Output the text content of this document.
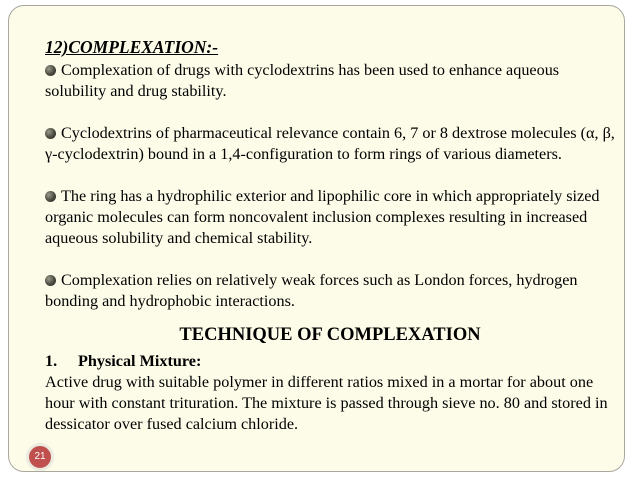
12)COMPLEXATION:-
Complexation of drugs with cyclodextrins has been used to enhance aqueous solubility and drug stability.
Cyclodextrins of pharmaceutical relevance contain 6, 7 or 8 dextrose molecules (α, β, γ-cyclodextrin) bound in a 1,4-configuration to form rings of various diameters.
The ring has a hydrophilic exterior and lipophilic core in which appropriately sized organic molecules can form noncovalent inclusion complexes resulting in increased aqueous solubility and chemical stability.
Complexation relies on relatively weak forces such as London forces, hydrogen bonding and hydrophobic interactions.
TECHNIQUE OF COMPLEXATION
1. Physical Mixture:
Active drug with suitable polymer in different ratios mixed in a mortar for about one hour with constant trituration. The mixture is passed through sieve no. 80 and stored in dessicator over fused calcium chloride.
21
